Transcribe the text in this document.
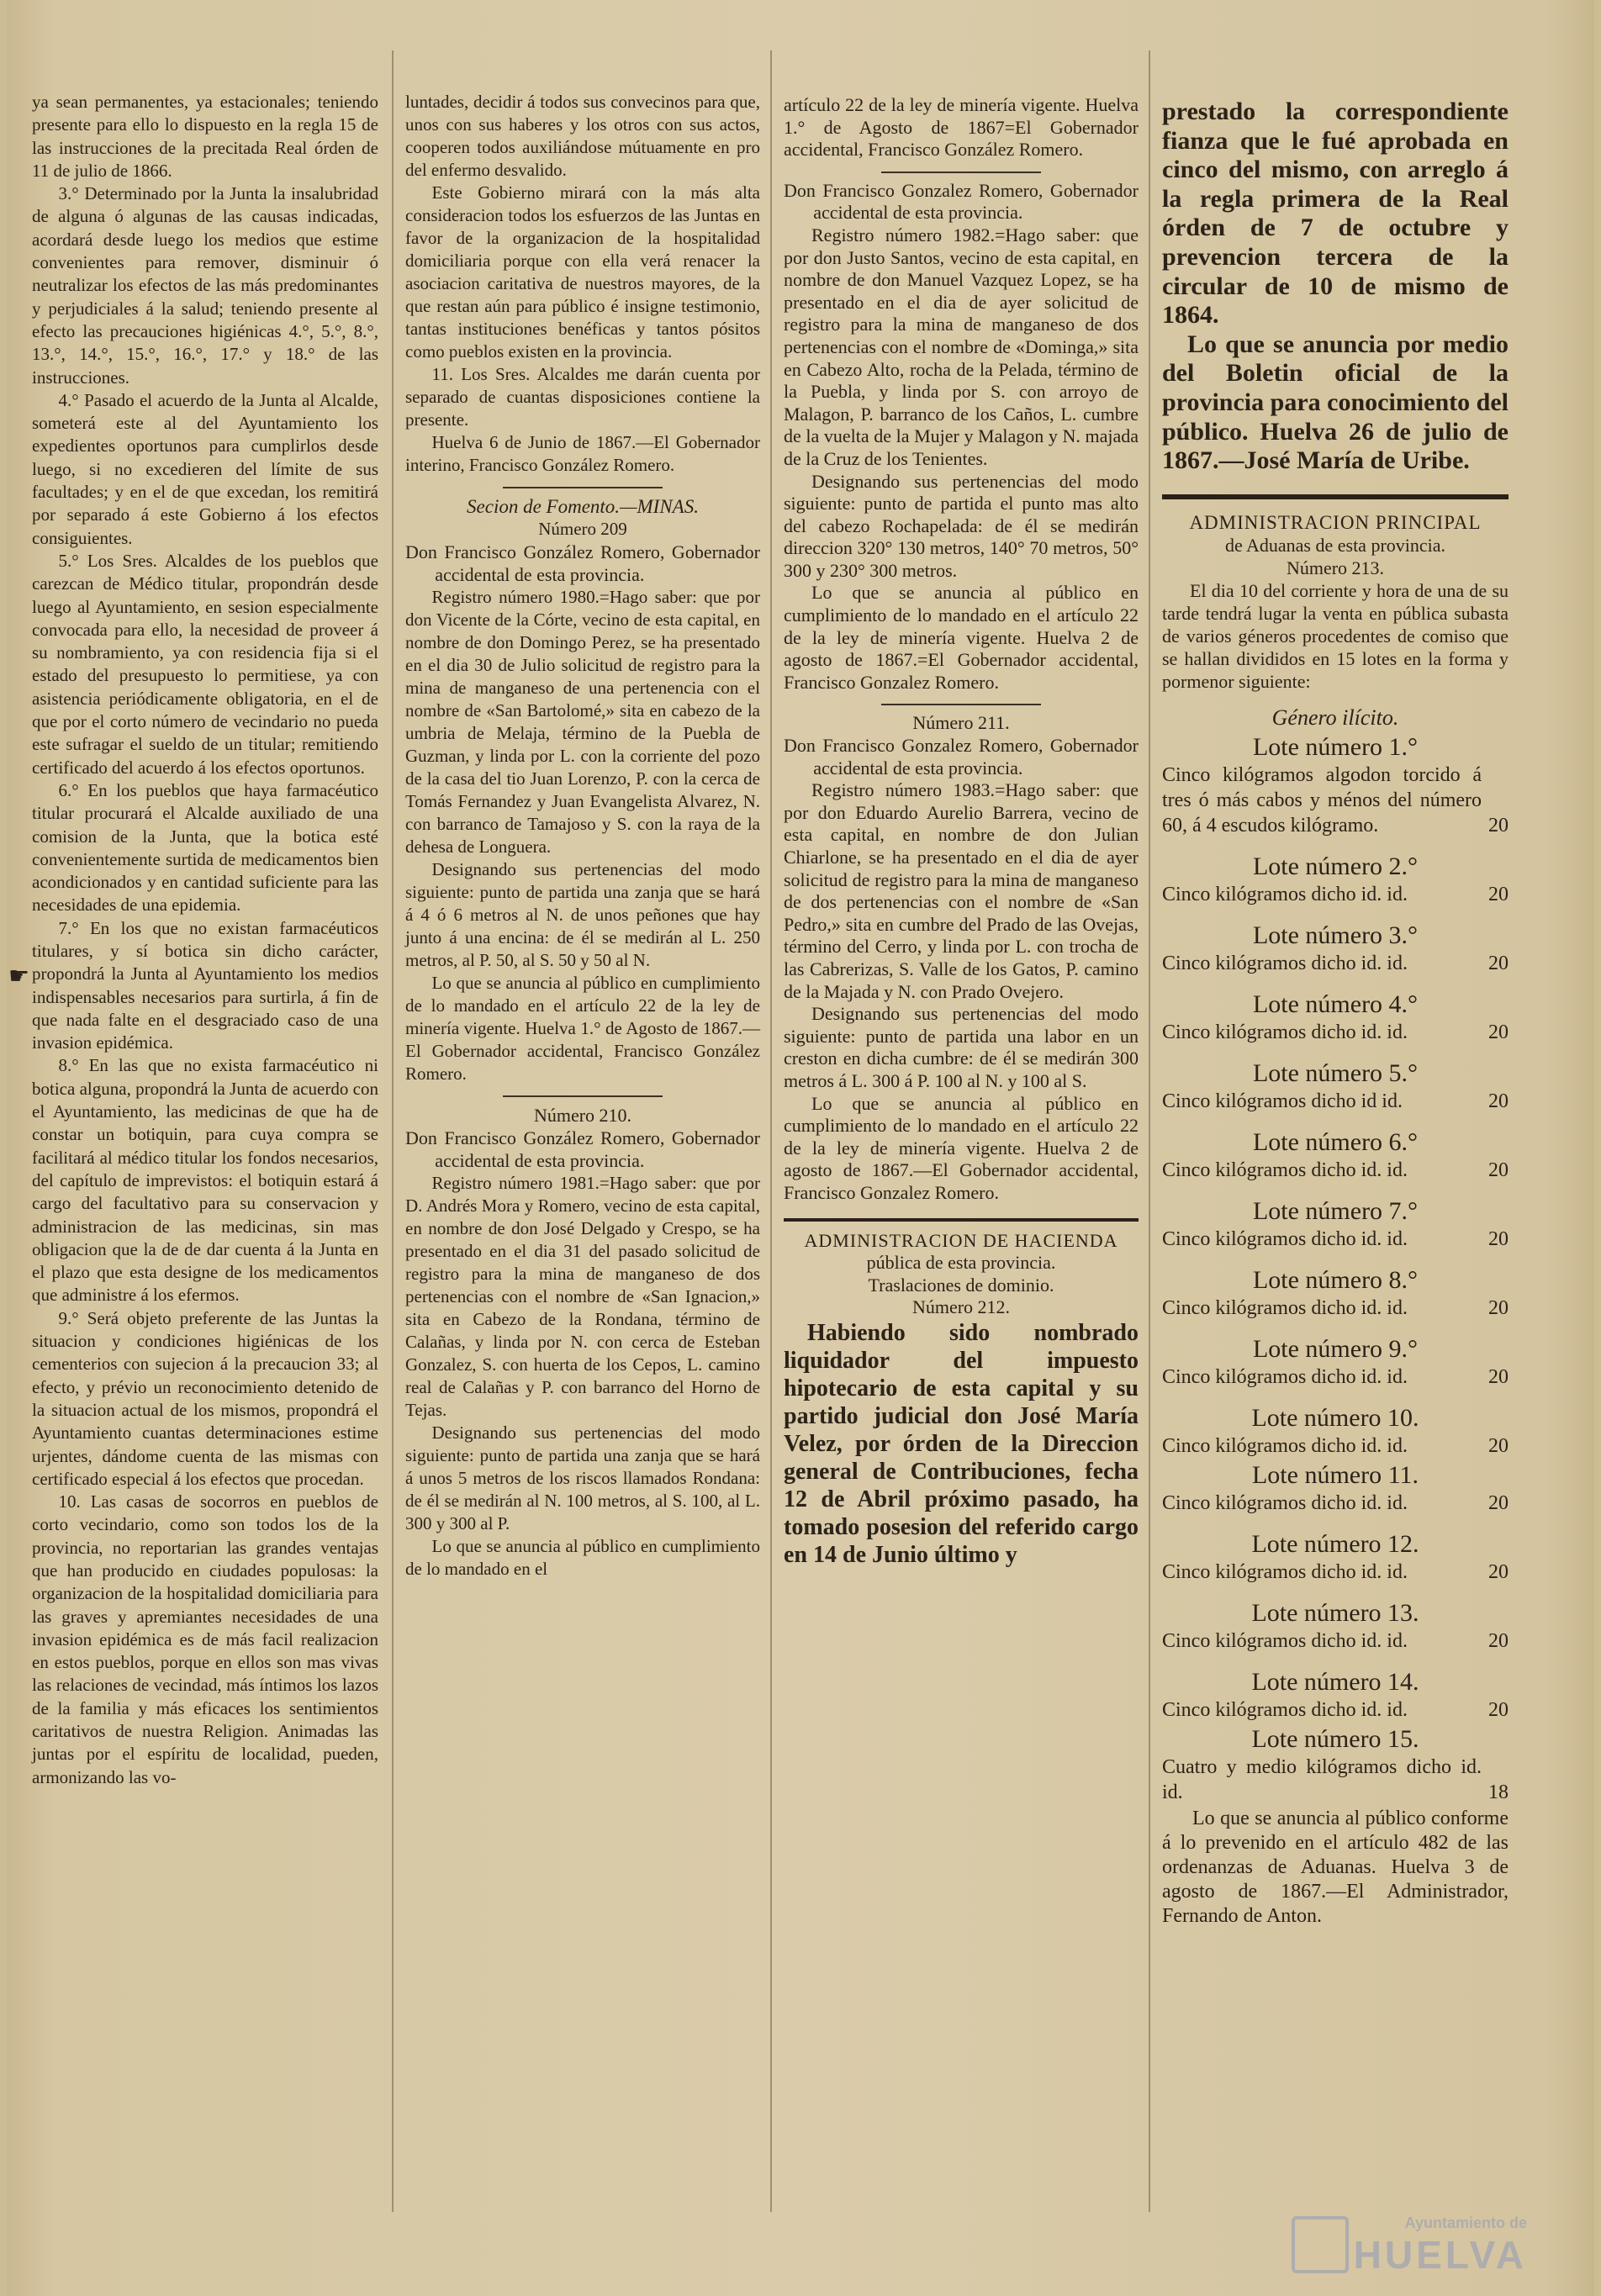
☛

ya sean permanentes, ya estacionales; teniendo presente para ello lo dispuesto en la regla 15 de las instrucciones de la precitada Real órden de 11 de julio de 1866.

3.° Determinado por la Junta la insalubridad de alguna ó algunas de las causas indicadas, acordará desde luego los medios que estime convenientes para remover, disminuir ó neutralizar los efectos de las más predominantes y perjudiciales á la salud; teniendo presente al efecto las precauciones higiénicas 4.°, 5.°, 8.°, 13.°, 14.°, 15.°, 16.°, 17.° y 18.° de las instrucciones.

4.° Pasado el acuerdo de la Junta al Alcalde, someterá este al del Ayuntamiento los expedientes oportunos para cumplirlos desde luego, si no excedieren del límite de sus facultades; y en el de que excedan, los remitirá por separado á este Gobierno á los efectos consiguientes.

5.° Los Sres. Alcaldes de los pueblos que carezcan de Médico titular, propondrán desde luego al Ayuntamiento, en sesion especialmente convocada para ello, la necesidad de proveer á su nombramiento, ya con residencia fija si el estado del presupuesto lo permitiese, ya con asistencia periódicamente obligatoria, en el de que por el corto número de vecindario no pueda este sufragar el sueldo de un titular; remitiendo certificado del acuerdo á los efectos oportunos.

6.° En los pueblos que haya farmacéutico titular procurará el Alcalde auxiliado de una comision de la Junta, que la botica esté convenientemente surtida de medicamentos bien acondicionados y en cantidad suficiente para las necesidades de una epidemia.

7.° En los que no existan farmacéuticos titulares, y sí botica sin dicho carácter, propondrá la Junta al Ayuntamiento los medios indispensables necesarios para surtirla, á fin de que nada falte en el desgraciado caso de una invasion epidémica.

8.° En las que no exista farmacéutico ni botica alguna, propondrá la Junta de acuerdo con el Ayuntamiento, las medicinas de que ha de constar un botiquin, para cuya compra se facilitará al médico titular los fondos necesarios, del capítulo de imprevistos: el botiquin estará á cargo del facultativo para su conservacion y administracion de las medicinas, sin mas obligacion que la de de dar cuenta á la Junta en el plazo que esta designe de los medicamentos que administre á los efermos.

9.° Será objeto preferente de las Juntas la situacion y condiciones higiénicas de los cementerios con sujecion á la precaucion 33; al efecto, y prévio un reconocimiento detenido de la situacion actual de los mismos, propondrá el Ayuntamiento cuantas determinaciones estime urjentes, dándome cuenta de las mismas con certificado especial á los efectos que procedan.

10. Las casas de socorros en pueblos de corto vecindario, como son todos los de la provincia, no reportarian las grandes ventajas que han producido en ciudades populosas: la organizacion de la hospitalidad domiciliaria para las graves y apremiantes necesidades de una invasion epidémica es de más facil realizacion en estos pueblos, porque en ellos son mas vivas las relaciones de vecindad, más íntimos los lazos de la familia y más eficaces los sentimientos caritativos de nuestra Religion. Animadas las juntas por el espíritu de localidad, pueden, armonizando las vo-

luntades, decidir á todos sus convecinos para que, unos con sus haberes y los otros con sus actos, cooperen todos auxiliándose mútuamente en pro del enfermo desvalido.

Este Gobierno mirará con la más alta consideracion todos los esfuerzos de las Juntas en favor de la organizacion de la hospitalidad domiciliaria porque con ella verá renacer la asociacion caritativa de nuestros mayores, de la que restan aún para público é insigne testimonio, tantas instituciones benéficas y tantos pósitos como pueblos existen en la provincia.

11. Los Sres. Alcaldes me darán cuenta por separado de cuantas disposiciones contiene la presente.

Huelva 6 de Junio de 1867.—El Gobernador interino, Francisco González Romero.

Secion de Fomento.—MINAS.

Número 209

Don Francisco González Romero, Gobernador accidental de esta provincia.

Registro número 1980.=Hago saber: que por don Vicente de la Córte, vecino de esta capital, en nombre de don Domingo Perez, se ha presentado en el dia 30 de Julio solicitud de registro para la mina de manganeso de una pertenencia con el nombre de «San Bartolomé,» sita en cabezo de la umbria de Melaja, término de la Puebla de Guzman, y linda por L. con la corriente del pozo de la casa del tio Juan Lorenzo, P. con la cerca de Tomás Fernandez y Juan Evangelista Alvarez, N. con barranco de Tamajoso y S. con la raya de la dehesa de Longuera.

Designando sus pertenencias del modo siguiente: punto de partida una zanja que se hará á 4 ó 6 metros al N. de unos peñones que hay junto á una encina: de él se medirán al L. 250 metros, al P. 50, al S. 50 y 50 al N.

Lo que se anuncia al público en cumplimiento de lo mandado en el artículo 22 de la ley de minería vigente. Huelva 1.° de Agosto de 1867.—El Gobernador accidental, Francisco González Romero.

Número 210.

Don Francisco González Romero, Gobernador accidental de esta provincia.

Registro número 1981.=Hago saber: que por D. Andrés Mora y Romero, vecino de esta capital, en nombre de don José Delgado y Crespo, se ha presentado en el dia 31 del pasado solicitud de registro para la mina de manganeso de dos pertenencias con el nombre de «San Ignacion,» sita en Cabezo de la Rondana, término de Calañas, y linda por N. con cerca de Esteban Gonzalez, S. con huerta de los Cepos, L. camino real de Calañas y P. con barranco del Horno de Tejas.

Designando sus pertenencias del modo siguiente: punto de partida una zanja que se hará á unos 5 metros de los riscos llamados Rondana: de él se medirán al N. 100 metros, al S. 100, al L. 300 y 300 al P.

Lo que se anuncia al público en cumplimiento de lo mandado en el

artículo 22 de la ley de minería vigente. Huelva 1.° de Agosto de 1867=El Gobernador accidental, Francisco González Romero.

Don Francisco Gonzalez Romero, Gobernador accidental de esta provincia.

Registro número 1982.=Hago saber: que por don Justo Santos, vecino de esta capital, en nombre de don Manuel Vazquez Lopez, se ha presentado en el dia de ayer solicitud de registro para la mina de manganeso de dos pertenencias con el nombre de «Dominga,» sita en Cabezo Alto, rocha de la Pelada, término de la Puebla, y linda por S. con arroyo de Malagon, P. barranco de los Caños, L. cumbre de la vuelta de la Mujer y Malagon y N. majada de la Cruz de los Tenientes.

Designando sus pertenencias del modo siguiente: punto de partida el punto mas alto del cabezo Rochapelada: de él se medirán direccion 320° 130 metros, 140° 70 metros, 50° 300 y 230° 300 metros.

Lo que se anuncia al público en cumplimiento de lo mandado en el artículo 22 de la ley de minería vigente. Huelva 2 de agosto de 1867.=El Gobernador accidental, Francisco Gonzalez Romero.

Número 211.

Don Francisco Gonzalez Romero, Gobernador accidental de esta provincia.

Registro número 1983.=Hago saber: que por don Eduardo Aurelio Barrera, vecino de esta capital, en nombre de don Julian Chiarlone, se ha presentado en el dia de ayer solicitud de registro para la mina de manganeso de dos pertenencias con el nombre de «San Pedro,» sita en cumbre del Prado de las Ovejas, término del Cerro, y linda por L. con trocha de las Cabrerizas, S. Valle de los Gatos, P. camino de la Majada y N. con Prado Ovejero.

Designando sus pertenencias del modo siguiente: punto de partida una labor en un creston en dicha cumbre: de él se medirán 300 metros á L. 300 á P. 100 al N. y 100 al S.

Lo que se anuncia al público en cumplimiento de lo mandado en el artículo 22 de la ley de minería vigente. Huelva 2 de agosto de 1867.—El Gobernador accidental, Francisco Gonzalez Romero.

ADMINISTRACION DE HACIENDA

pública de esta provincia.

Traslaciones de dominio.

Número 212.

Habiendo sido nombrado liquidador del impuesto hipotecario de esta capital y su partido judicial don José María Velez, por órden de la Direccion general de Contribuciones, fecha 12 de Abril próximo pasado, ha tomado posesion del referido cargo en 14 de Junio último y

prestado la correspondiente fianza que le fué aprobada en cinco del mismo, con arreglo á la regla primera de la Real órden de 7 de octubre y prevencion tercera de la circular de 10 de mismo de 1864.

Lo que se anuncia por medio del Boletin oficial de la provincia para conocimiento del público. Huelva 26 de julio de 1867.—José María de Uribe.

ADMINISTRACION PRINCIPAL

de Aduanas de esta provincia.

Número 213.

El dia 10 del corriente y hora de una de su tarde tendrá lugar la venta en pública subasta de varios géneros procedentes de comiso que se hallan divididos en 15 lotes en la forma y pormenor siguiente:

Género ilícito.

Lote número 1.°

Cinco kilógramos algodon torcido á tres ó más cabos y ménos del número 60, á 4 escudos kilógramo.	20

Lote número 2.°

Cinco kilógramos dicho id. id.	20

Lote número 3.°

Cinco kilógramos dicho id. id.	20

Lote número 4.°

Cinco kilógramos dicho id. id.	20

Lote número 5.°

Cinco kilógramos dicho id id.	20

Lote número 6.°

Cinco kilógramos dicho id. id.	20

Lote número 7.°

Cinco kilógramos dicho id. id.	20

Lote número 8.°

Cinco kilógramos dicho id. id.	20

Lote número 9.°

Cinco kilógramos dicho id. id.	20

Lote número 10.

Cinco kilógramos dicho id. id.	20

Lote número 11.

Cinco kilógramos dicho id. id.	20

Lote número 12.

Cinco kilógramos dicho id. id.	20

Lote número 13.

Cinco kilógramos dicho id. id.	20

Lote número 14.

Cinco kilógramos dicho id. id.	20

Lote número 15.

Cuatro y medio kilógramos dicho id. id.	18

Lo que se anuncia al público conforme á lo prevenido en el artículo 482 de las ordenanzas de Aduanas. Huelva 3 de agosto de 1867.—El Administrador, Fernando de Anton.

Ayuntamiento de
HUELVA
